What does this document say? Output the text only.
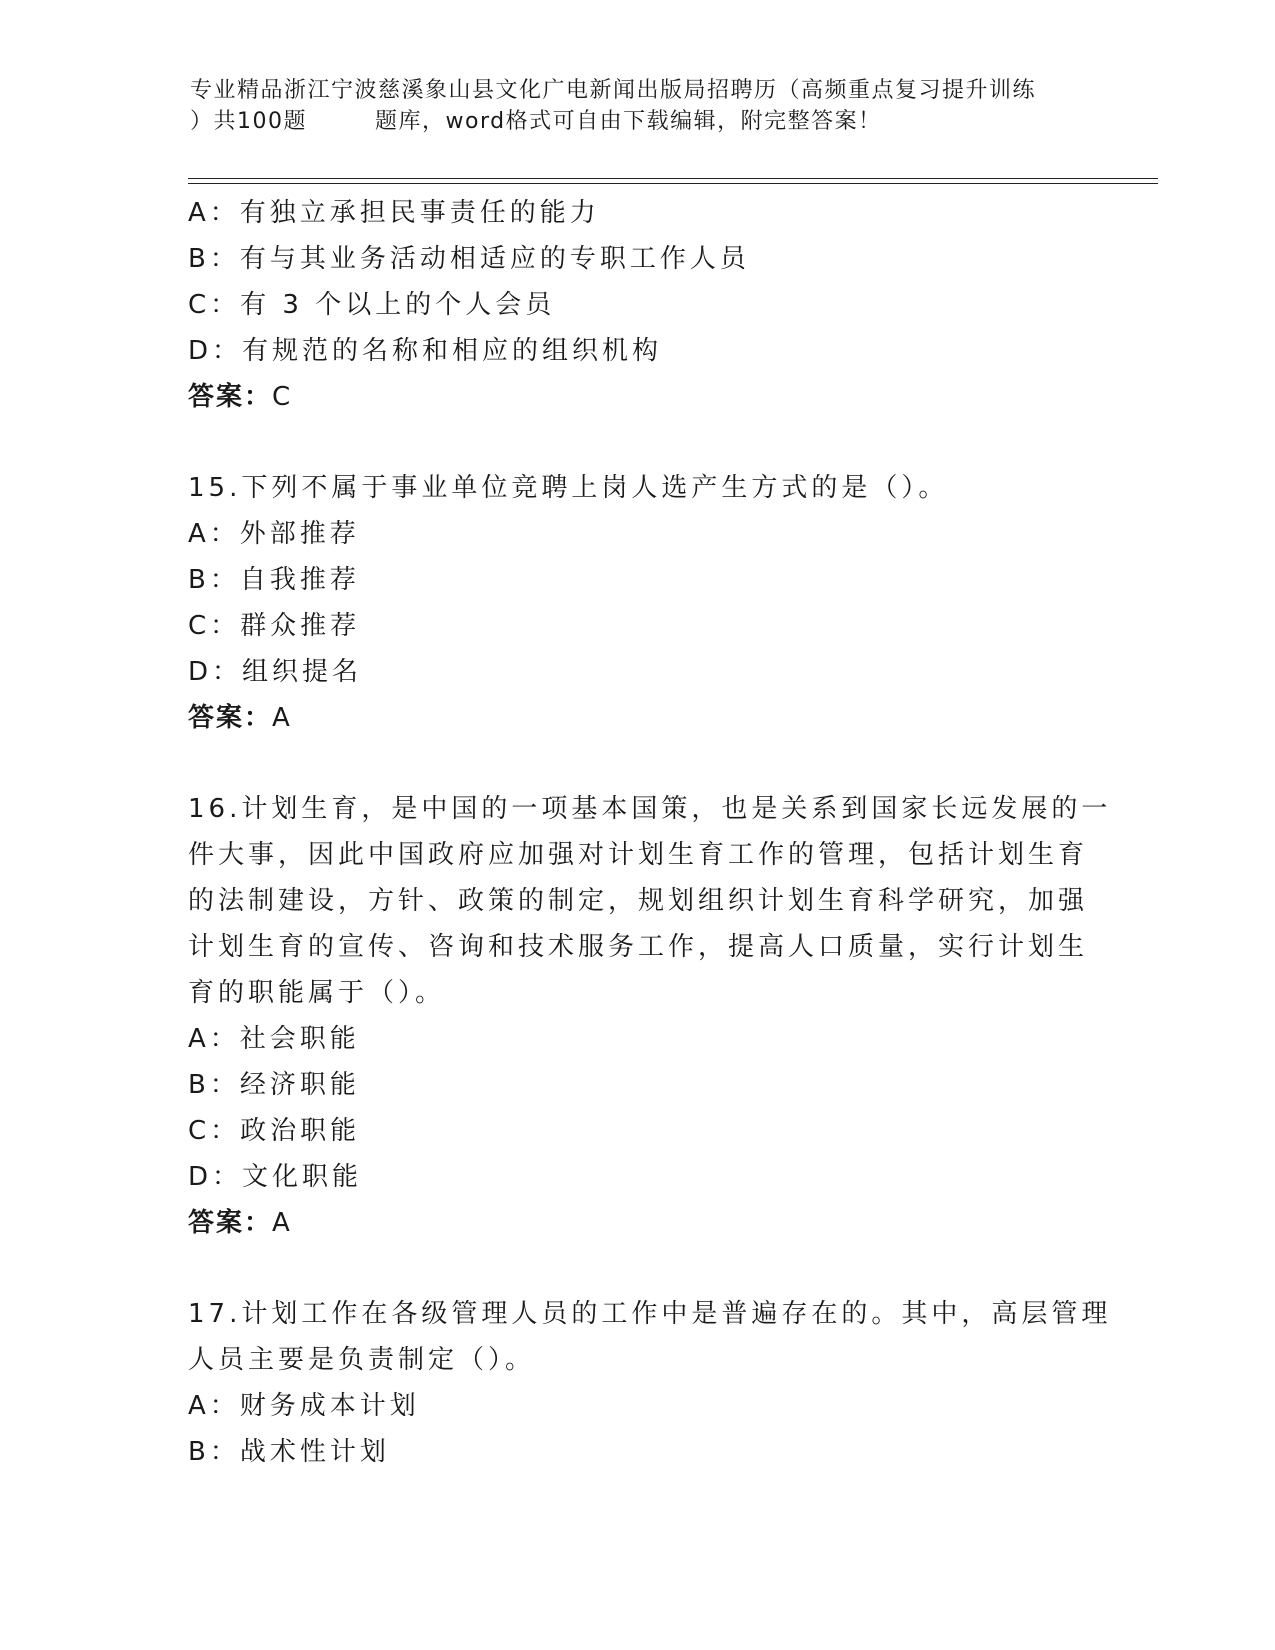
专业精品浙江宁波慈溪象山县文化广电新闻出版局招聘历（高频重点复习提升训练
）共100题	题库，word格式可自由下载编辑，附完整答案！
A：有独立承担民事责任的能力
B：有与其业务活动相适应的专职工作人员
C：有 3 个以上的个人会员
D：有规范的名称和相应的组织机构
答案：C
15.下列不属于事业单位竞聘上岗人选产生方式的是（）。
A：外部推荐
B：自我推荐
C：群众推荐
D：组织提名
答案：A
16.计划生育，是中国的一项基本国策，也是关系到国家长远发展的一
件大事，因此中国政府应加强对计划生育工作的管理，包括计划生育
的法制建设，方针、政策的制定，规划组织计划生育科学研究，加强
计划生育的宣传、咨询和技术服务工作，提高人口质量，实行计划生
育的职能属于（）。
A：社会职能
B：经济职能
C：政治职能
D：文化职能
答案：A
17.计划工作在各级管理人员的工作中是普遍存在的。其中，高层管理
人员主要是负责制定（）。
A：财务成本计划
B：战术性计划
